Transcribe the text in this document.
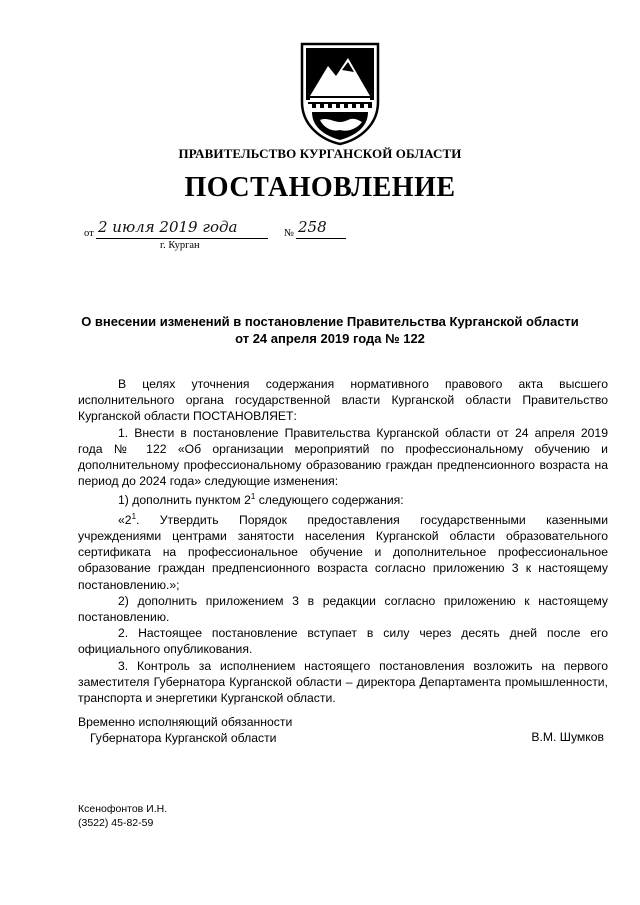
ПРАВИТЕЛЬСТВО КУРГАНСКОЙ ОБЛАСТИ
ПОСТАНОВЛЕНИЕ
от 2 июля 2019 года	№ 258
г. Курган
О внесении изменений в постановление Правительства Курганской области
от 24 апреля 2019 года № 122

В целях уточнения содержания нормативного правового акта высшего исполнительного органа государственной власти Курганской области Правительство Курганской области ПОСТАНОВЛЯЕТ:

1. Внести в постановление Правительства Курганской области от 24 апреля 2019 года № 122 «Об организации мероприятий по профессиональному обучению и дополнительному профессиональному образованию граждан предпенсионного возраста на период до 2024 года» следующие изменения:

1) дополнить пунктом $2^1$ следующего содержания:

«$2^1$. Утвердить Порядок предоставления государственными казенными учреждениями центрами занятости населения Курганской области образовательного сертификата на профессиональное обучение и дополнительное профессиональное образование граждан предпенсионного возраста согласно приложению 3 к настоящему постановлению.»;

2) дополнить приложением 3 в редакции согласно приложению к настоящему постановлению.

2. Настоящее постановление вступает в силу через десять дней после его официального опубликования.

3. Контроль за исполнением настоящего постановления возложить на первого заместителя Губернатора Курганской области – директора Департамента промышленности, транспорта и энергетики Курганской области.

Временно исполняющий обязанности
Губернатора Курганской области	В.М. Шумков
Ксенофонтов И.Н.
(3522) 45-82-59
